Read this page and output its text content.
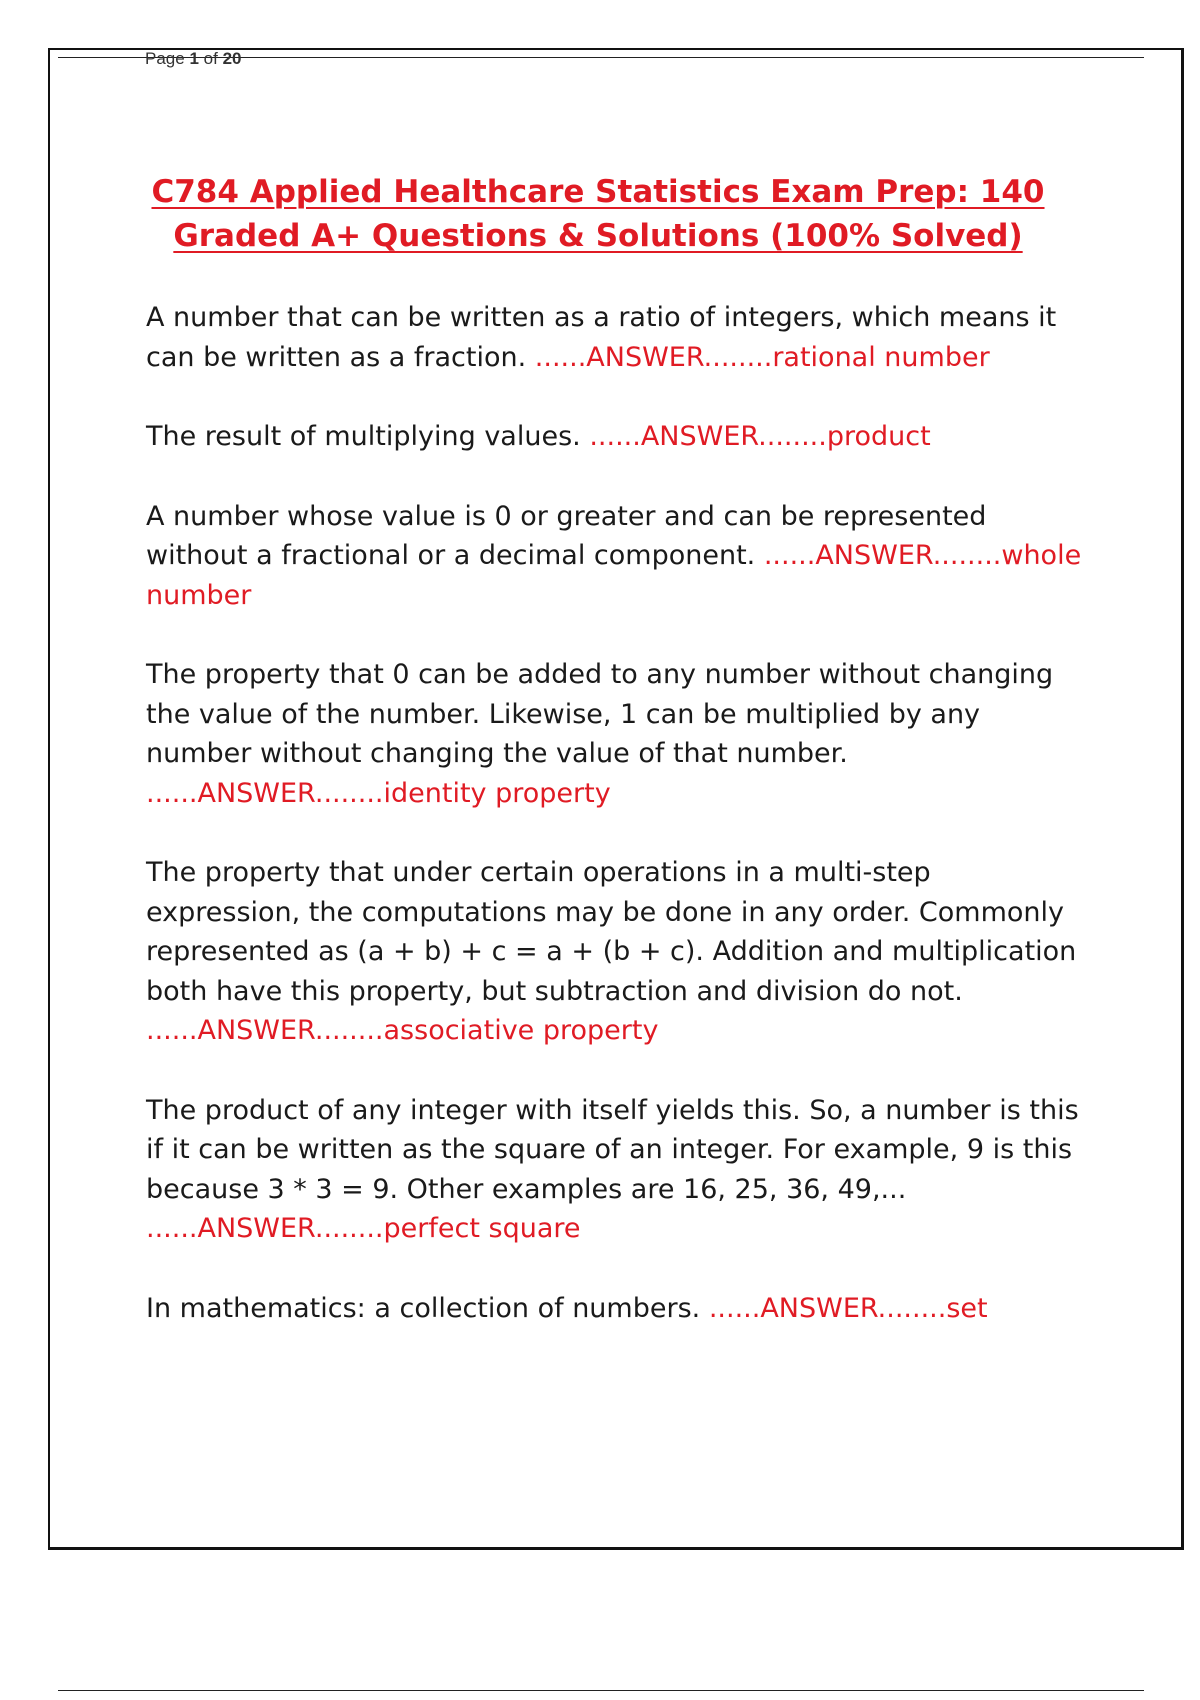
Page 1 of 20
C784 Applied Healthcare Statistics Exam Prep: 140 Graded A+ Questions & Solutions (100% Solved)

A number that can be written as a ratio of integers, which means it can be written as a fraction. ......ANSWER........rational number

The result of multiplying values. ......ANSWER........product

A number whose value is 0 or greater and can be represented without a fractional or a decimal component. ......ANSWER........whole number

The property that 0 can be added to any number without changing the value of the number. Likewise, 1 can be multiplied by any number without changing the value of that number. ......ANSWER........identity property

The property that under certain operations in a multi-step expression, the computations may be done in any order. Commonly represented as (a + b) + c = a + (b + c). Addition and multiplication both have this property, but subtraction and division do not. ......ANSWER........associative property

The product of any integer with itself yields this. So, a number is this if it can be written as the square of an integer. For example, 9 is this because 3 * 3 = 9. Other examples are 16, 25, 36, 49,... ......ANSWER........perfect square

In mathematics: a collection of numbers. ......ANSWER........set
